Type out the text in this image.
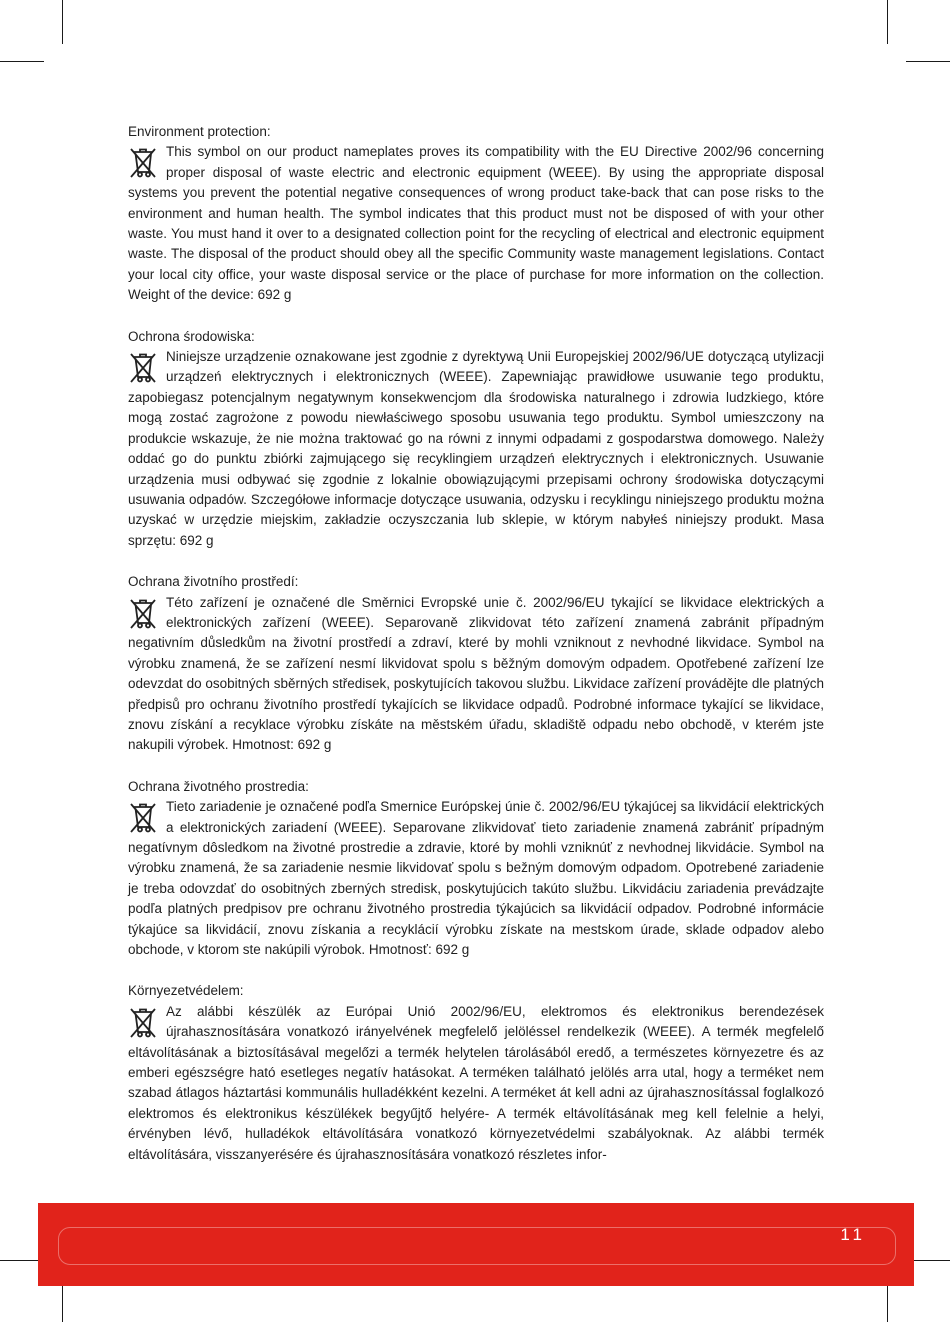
Environment protection:

This symbol on our product nameplates proves its compatibility with the EU Directive 2002/96 concerning proper disposal of waste electric and electronic equipment (WEEE). By using the appropriate disposal systems you prevent the potential negative consequences of wrong product take-back that can pose risks to the environment and human health. The symbol indicates that this product must not be disposed of with your other waste. You must hand it over to a designated collection point for the recycling of electrical and electronic equipment waste. The disposal of the product should obey all the specific Community waste management legislations. Contact your local city office, your waste disposal service or the place of purchase for more information on the collection. Weight of the device: 692 g

Ochrona środowiska:

Niniejsze urządzenie oznakowane jest zgodnie z dyrektywą Unii Europejskiej 2002/96/UE dotyczącą utylizacji urządzeń elektrycznych i elektronicznych (WEEE). Zapewniając prawidłowe usuwanie tego produktu, zapobiegasz potencjalnym negatywnym konsekwencjom dla środowiska naturalnego i zdrowia ludzkiego, które mogą zostać zagrożone z powodu niewłaściwego sposobu usuwania tego produktu. Symbol umieszczony na produkcie wskazuje, że nie można traktować go na równi z innymi odpadami z gospodarstwa domowego. Należy oddać go do punktu zbiórki zajmującego się recyklingiem urządzeń elektrycznych i elektronicznych. Usuwanie urządzenia musi odbywać się zgodnie z lokalnie obowiązującymi przepisami ochrony środowiska dotyczącymi usuwania odpadów. Szczegółowe informacje dotyczące usuwania, odzysku i recyklingu niniejszego produktu można uzyskać w urzędzie miejskim, zakładzie oczyszczania lub sklepie, w którym nabyłeś niniejszy produkt. Masa sprzętu: 692 g

Ochrana životního prostředí:

Této zařízení je označené dle Směrnici Evropské unie č. 2002/96/EU tykající se likvidace elektrických a elektronických zařízení (WEEE). Separovaně zlikvidovat této zařízení znamená zabránit případným negativním důsledkům na životní prostředí a zdraví, které by mohli vzniknout z nevhodné likvidace. Symbol na výrobku znamená, že se zařízení nesmí likvidovat spolu s běžným domovým odpadem. Opotřebené zařízení lze odevzdat do osobitných sběrných středisek, poskytujících takovou službu. Likvidace zařízení provádějte dle platných předpisů pro ochranu životního prostředí tykajících se likvidace odpadů. Podrobné informace tykající se likvidace, znovu získání a recyklace výrobku získáte na městském úřadu, skladiště odpadu nebo obchodě, v kterém jste nakupili výrobek. Hmotnost: 692 g

Ochrana životného prostredia:

Tieto zariadenie je označené podľa Smernice Európskej únie č. 2002/96/EU týkajúcej sa likvidácií elektrických a elektronických zariadení (WEEE). Separovane zlikvidovať tieto zariadenie znamená zabrániť prípadným negatívnym dôsledkom na životné prostredie a zdravie, ktoré by mohli vzniknúť z nevhodnej likvidácie. Symbol na výrobku znamená, že sa zariadenie nesmie likvidovať spolu s bežným domovým odpadom. Opotrebené zariadenie je treba odovzdať do osobitných zberných stredisk, poskytujúcich takúto službu. Likvidáciu zariadenia prevádzajte podľa platných predpisov pre ochranu životného prostredia týkajúcich sa likvidácií odpadov. Podrobné informácie týkajúce sa likvidácií, znovu získania a recyklácií výrobku získate na mestskom úrade, sklade odpadov alebo obchode, v ktorom ste nakúpili výrobok. Hmotnosť: 692 g

Környezetvédelem:

Az alábbi készülék az Európai Unió 2002/96/EU, elektromos és elektronikus berendezések újrahasznosítására vonatkozó irányelvének megfelelő jelöléssel rendelkezik (WEEE). A termék megfelelő eltávolításának a biztosításával megelőzi a termék helytelen tárolásából eredő, a természetes környezetre és az emberi egészségre ható esetleges negatív hatásokat. A terméken található jelölés arra utal, hogy a terméket nem szabad átlagos háztartási kommunális hulladékként kezelni. A terméket át kell adni az újrahasznosítással foglalkozó elektromos és elektronikus készülékek begyűjtő helyére- A termék eltávolításának meg kell felelnie a helyi, érvényben lévő, hulladékok eltávolítására vonatkozó környezetvédelmi szabályoknak. Az alábbi termék eltávolítására, visszanyerésére és újrahasznosítására vonatkozó részletes infor-

11
